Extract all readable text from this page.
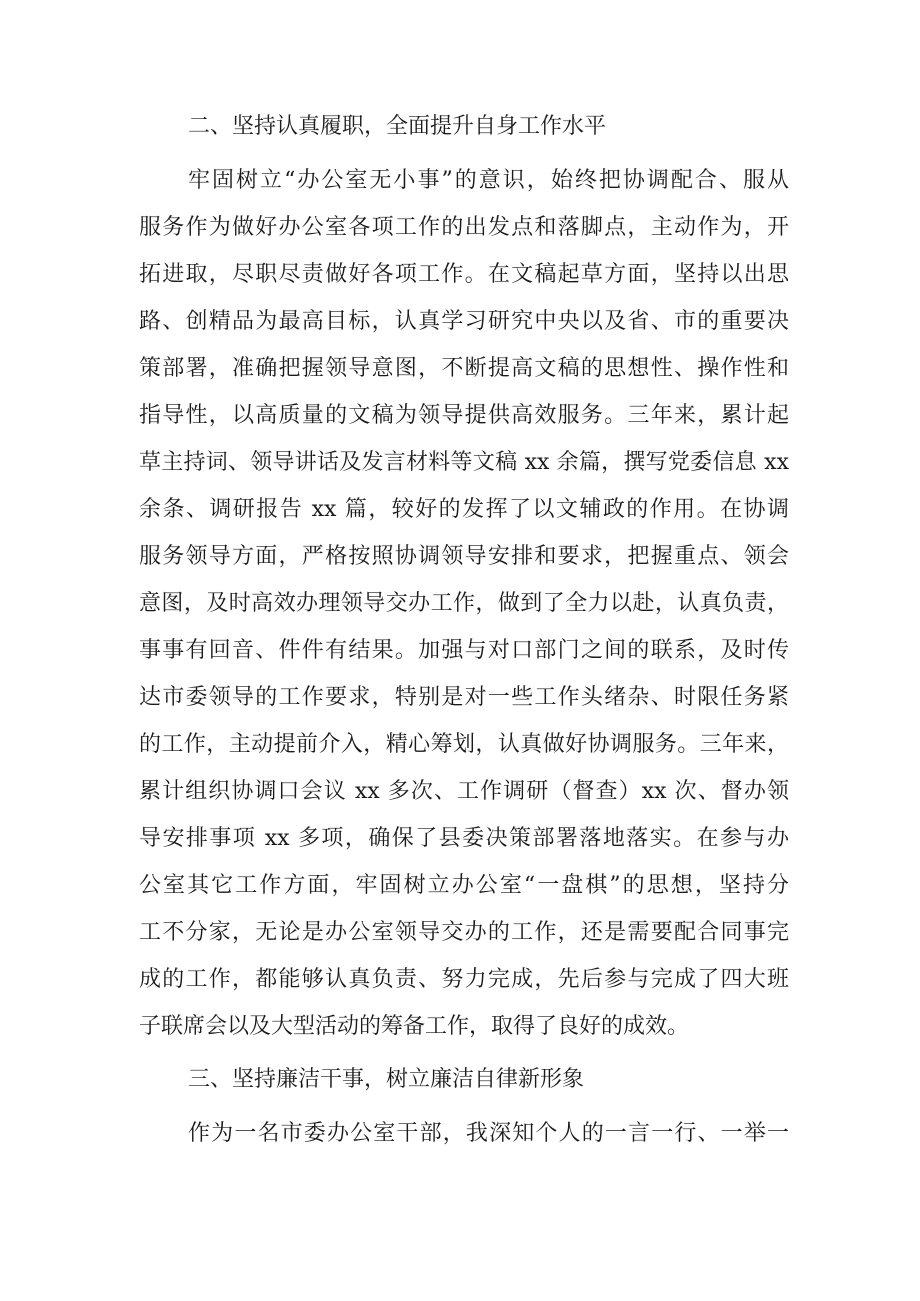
二、坚持认真履职，全面提升自身工作水平
牢固树立“办公室无小事”的意识，始终把协调配合、服从
服务作为做好办公室各项工作的出发点和落脚点，主动作为，开
拓进取，尽职尽责做好各项工作。在文稿起草方面，坚持以出思
路、创精品为最高目标，认真学习研究中央以及省、市的重要决
策部署，准确把握领导意图，不断提高文稿的思想性、操作性和
指导性，以高质量的文稿为领导提供高效服务。三年来，累计起
草主持词、领导讲话及发言材料等文稿 xx 余篇，撰写党委信息 xx
余条、调研报告 xx 篇，较好的发挥了以文辅政的作用。在协调
服务领导方面，严格按照协调领导安排和要求，把握重点、领会
意图，及时高效办理领导交办工作，做到了全力以赴，认真负责，
事事有回音、件件有结果。加强与对口部门之间的联系，及时传
达市委领导的工作要求，特别是对一些工作头绪杂、时限任务紧
的工作，主动提前介入，精心筹划，认真做好协调服务。三年来，
累计组织协调口会议 xx 多次、工作调研（督查）xx 次、督办领
导安排事项 xx 多项，确保了县委决策部署落地落实。在参与办
公室其它工作方面，牢固树立办公室“一盘棋”的思想，坚持分
工不分家，无论是办公室领导交办的工作，还是需要配合同事完
成的工作，都能够认真负责、努力完成，先后参与完成了四大班
子联席会以及大型活动的筹备工作，取得了良好的成效。
三、坚持廉洁干事，树立廉洁自律新形象
作为一名市委办公室干部，我深知个人的一言一行、一举一
